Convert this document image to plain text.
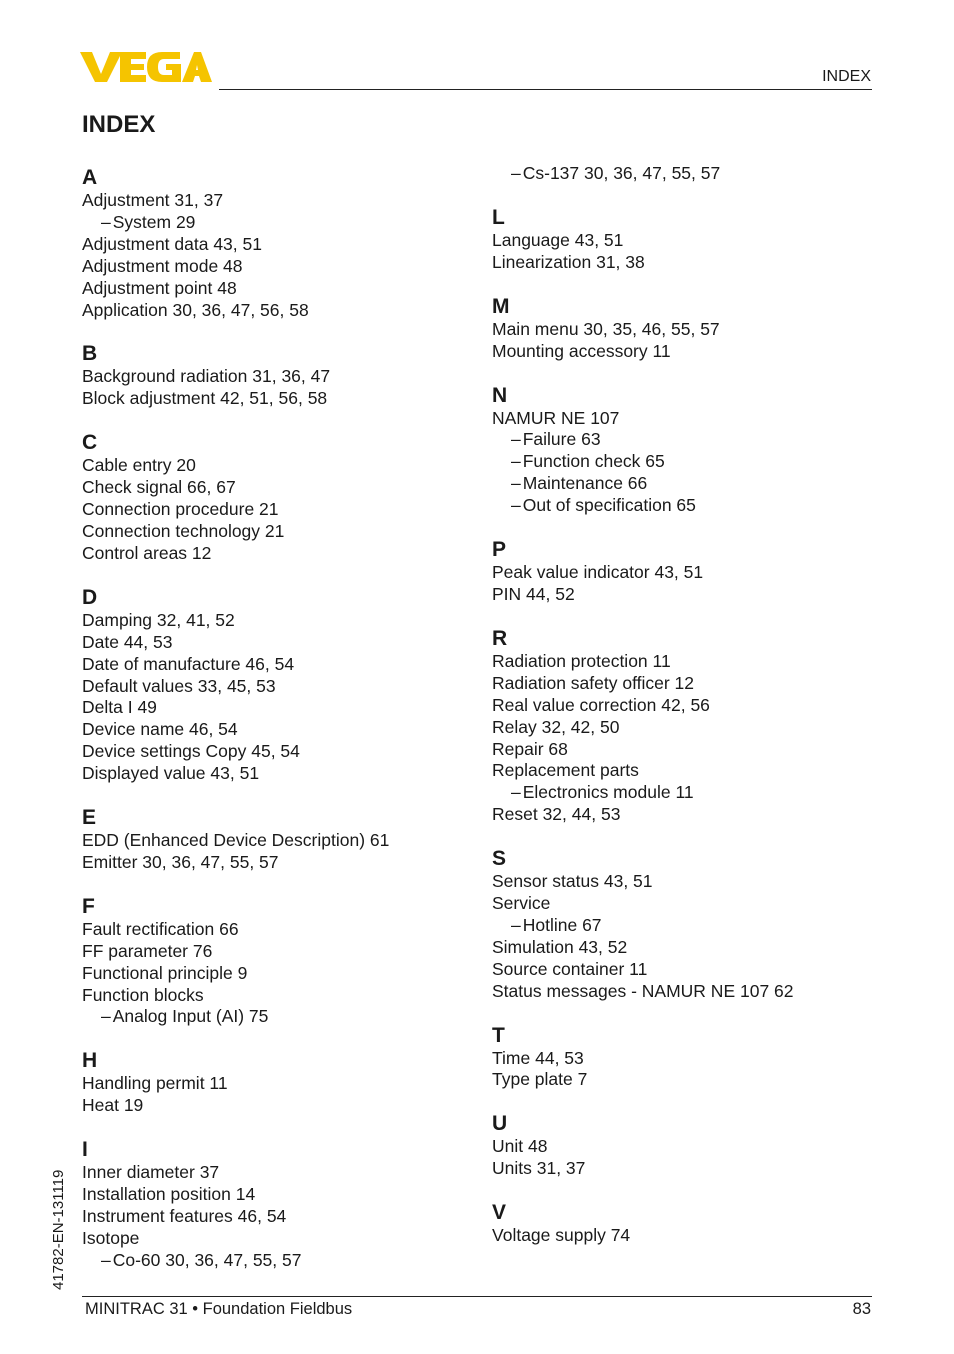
INDEX
INDEX
A
Adjustment 31, 37
– System 29
Adjustment data 43, 51
Adjustment mode 48
Adjustment point 48
Application 30, 36, 47, 56, 58
B
Background radiation 31, 36, 47
Block adjustment 42, 51, 56, 58
C
Cable entry 20
Check signal 66, 67
Connection procedure 21
Connection technology 21
Control areas 12
D
Damping 32, 41, 52
Date 44, 53
Date of manufacture 46, 54
Default values 33, 45, 53
Delta I 49
Device name 46, 54
Device settings Copy 45, 54
Displayed value 43, 51
E
EDD (Enhanced Device Description) 61
Emitter 30, 36, 47, 55, 57
F
Fault rectification 66
FF parameter 76
Functional principle 9
Function blocks
– Analog Input (AI) 75
H
Handling permit 11
Heat 19
I
Inner diameter 37
Installation position 14
Instrument features 46, 54
Isotope
– Co-60 30, 36, 47, 55, 57
– Cs-137 30, 36, 47, 55, 57
L
Language 43, 51
Linearization 31, 38
M
Main menu 30, 35, 46, 55, 57
Mounting accessory 11
N
NAMUR NE 107
– Failure 63
– Function check 65
– Maintenance 66
– Out of specification 65
P
Peak value indicator 43, 51
PIN 44, 52
R
Radiation protection 11
Radiation safety officer 12
Real value correction 42, 56
Relay 32, 42, 50
Repair 68
Replacement parts
– Electronics module 11
Reset 32, 44, 53
S
Sensor status 43, 51
Service
– Hotline 67
Simulation 43, 52
Source container 11
Status messages - NAMUR NE 107 62
T
Time 44, 53
Type plate 7
U
Unit 48
Units 31, 37
V
Voltage supply 74
41782-EN-131119
MINITRAC 31 • Foundation Fieldbus	83
